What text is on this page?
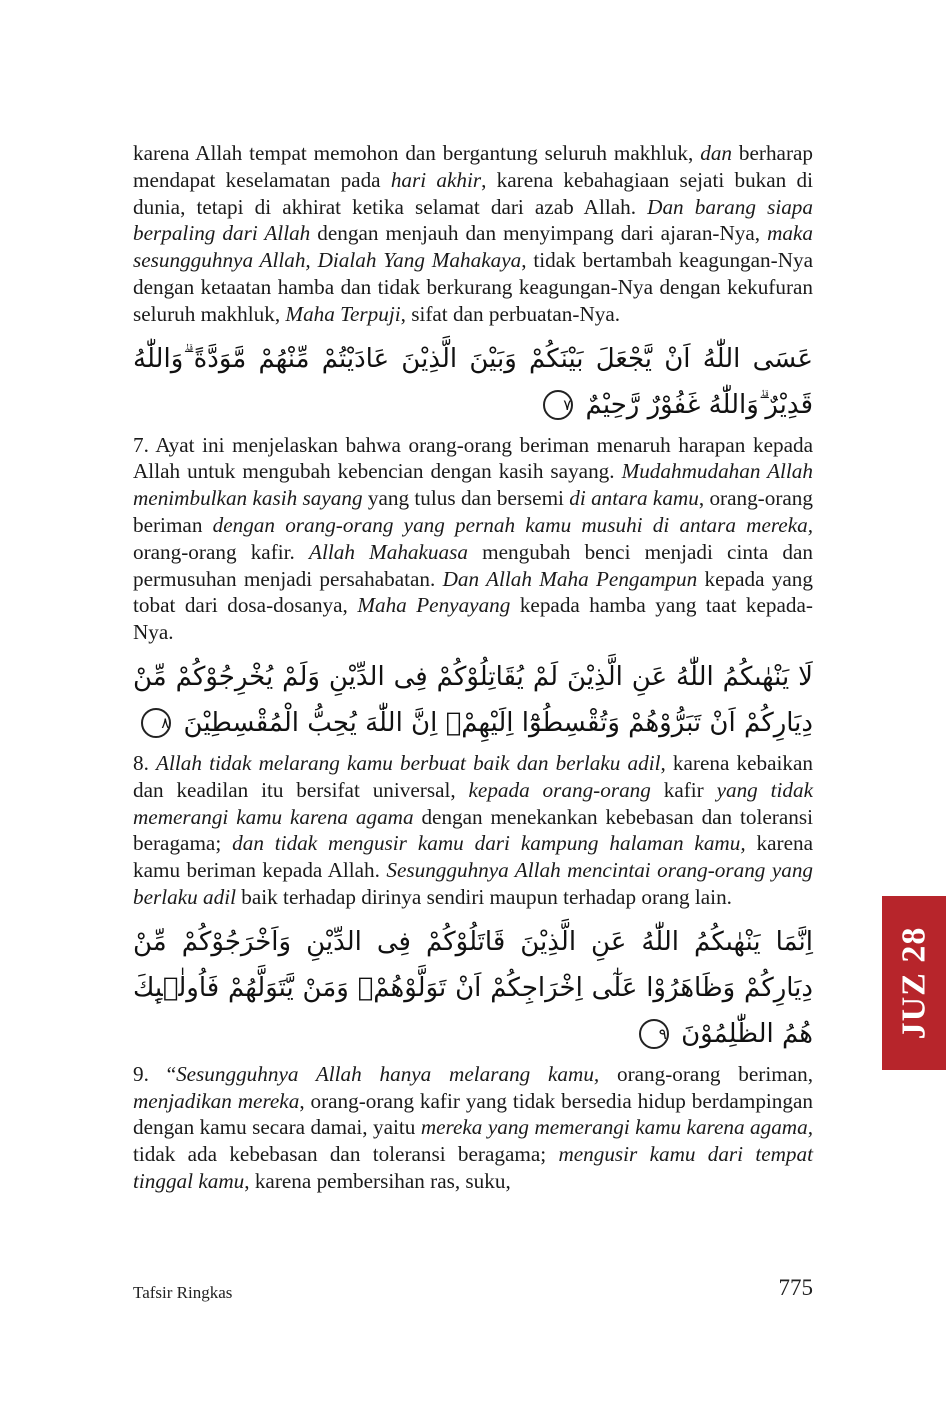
karena Allah tempat memohon dan bergantung seluruh makhluk, dan berharap mendapat keselamatan pada hari akhir, karena kebahagiaan sejati bukan di dunia, tetapi di akhirat ketika selamat dari azab Allah. Dan barang siapa berpaling dari Allah dengan menjauh dan menyimpang dari ajaran-Nya, maka sesungguhnya Allah, Dialah Yang Mahakaya, tidak bertambah keagungan-Nya dengan ketaatan hamba dan tidak berkurang keagungan-Nya dengan kekufuran seluruh makhluk, Maha Terpuji, sifat dan perbuatan-Nya.

عَسَى اللّٰهُ اَنْ يَّجْعَلَ بَيْنَكُمْ وَبَيْنَ الَّذِيْنَ عَادَيْتُمْ مِّنْهُمْ مَّوَدَّةً ۗوَاللّٰهُ قَدِيْرٌ ۗوَاللّٰهُ غَفُوْرٌ رَّحِيْمٌ ٧

7. Ayat ini menjelaskan bahwa orang-orang beriman menaruh harapan kepada Allah untuk mengubah kebencian dengan kasih sayang. Mudahmudahan Allah menimbulkan kasih sayang yang tulus dan bersemi di antara kamu, orang-orang beriman dengan orang-orang yang pernah kamu musuhi di antara mereka, orang-orang kafir. Allah Mahakuasa mengubah benci menjadi cinta dan permusuhan menjadi persahabatan. Dan Allah Maha Pengampun kepada yang tobat dari dosa-dosanya, Maha Penyayang kepada hamba yang taat kepada-Nya.

لَا يَنْهٰىكُمُ اللّٰهُ عَنِ الَّذِيْنَ لَمْ يُقَاتِلُوْكُمْ فِى الدِّيْنِ وَلَمْ يُخْرِجُوْكُمْ مِّنْ دِيَارِكُمْ اَنْ تَبَرُّوْهُمْ وَتُقْسِطُوْٓا اِلَيْهِمْۗ اِنَّ اللّٰهَ يُحِبُّ الْمُقْسِطِيْنَ ٨

8. Allah tidak melarang kamu berbuat baik dan berlaku adil, karena kebaikan dan keadilan itu bersifat universal, kepada orang-orang kafir yang tidak memerangi kamu karena agama dengan menekankan kebebasan dan toleransi beragama; dan tidak mengusir kamu dari kampung halaman kamu, karena kamu beriman kepada Allah. Sesungguhnya Allah mencintai orang-orang yang berlaku adil baik terhadap dirinya sendiri maupun terhadap orang lain.

اِنَّمَا يَنْهٰىكُمُ اللّٰهُ عَنِ الَّذِيْنَ قَاتَلُوْكُمْ فِى الدِّيْنِ وَاَخْرَجُوْكُمْ مِّنْ دِيَارِكُمْ وَظَاهَرُوْا عَلٰٓى اِخْرَاجِكُمْ اَنْ تَوَلَّوْهُمْۚ وَمَنْ يَّتَوَلَّهُمْ فَاُولٰۤىِٕكَ هُمُ الظّٰلِمُوْنَ ٩

9. “Sesungguhnya Allah hanya melarang kamu, orang-orang beriman, menjadikan mereka, orang-orang kafir yang tidak bersedia hidup berdampingan dengan kamu secara damai, yaitu mereka yang memerangi kamu karena agama, tidak ada kebebasan dan toleransi beragama; mengusir kamu dari tempat tinggal kamu, karena pembersihan ras, suku,

JUZ 28
Tafsir Ringkas	775
